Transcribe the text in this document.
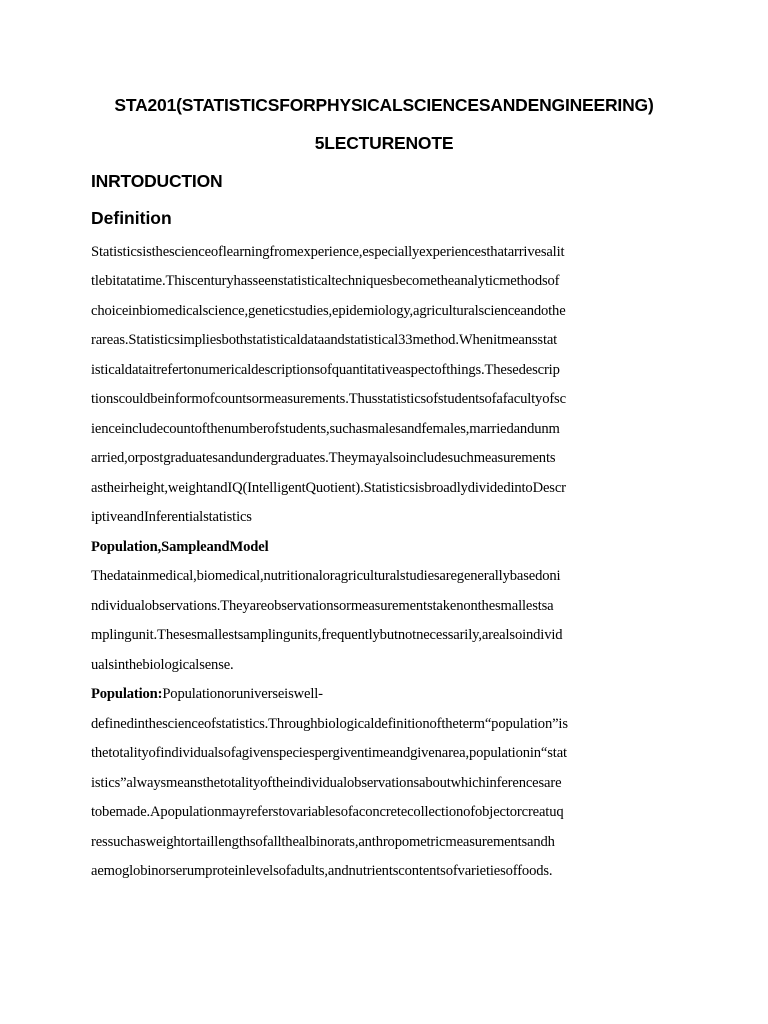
STA201(STATISTICSFORPHYSICALSCIENCESANDENGINEERING)
5LECTURENOTE
INRTODUCTION
Definition
Statisticsisthescienceoflearningfromexperience,especiallyexperiencesthatarrivesalit
tlebitatatime.Thiscenturyhasseenstatisticaltechniquesbecometheanalyticmethodsof
choiceinbiomedicalscience,geneticstudies,epidemiology,agriculturalscienceandothe
rareas.Statisticsimpliesbothstatisticaldataandstatistical33method.Whenitmeansstat
isticaldataitrefertonumericaldescriptionsofquantitativeaspectofthings.Thesedescrip
tionscouldbeinformofcountsormeasurements.Thusstatisticsofstudentsofafacultyofsc
ienceincludecountofthenumberofstudents,suchasmalesandfemales,marriedandunm
arried,orpostgraduatesandundergraduates.Theymayalsoincludesuchmeasurements
astheirheight,weightandIQ(IntelligentQuotient).StatisticsisbroadlydividedintoDescr
iptiveandInferentialstatistics
Population,SampleandModel
Thedatainmedical,biomedical,nutritionaloragriculturalstudiesaregenerallybasedoni
ndividualobservations.Theyareobservationsormeasurementstakenonthesmallestsa
mplingunit.Thesesmallestsamplingunits,frequentlybutnotnecessarily,arealsoindivid
ualsinthebiologicalsense.
Population:Populationoruniverseiswell-
definedinthescienceofstatistics.Throughbiologicaldefinitionoftheterm“population”is
thetotalityofindividualsofagivenspeciespergiventimeandgivenarea,populationin“stat
istics”alwaysmeansthetotalityoftheindividualobservationsaboutwhichinferencesare
tobemade.Apopulationmayreferstovariablesofaconcretecollectionofobjectorcreatuq
ressuchasweightortaillengthsofallthealbinorats,anthropometricmeasurementsandh
aemoglobinorserumproteinlevelsofadults,andnutrientscontentsofvarietiesoffoods.
